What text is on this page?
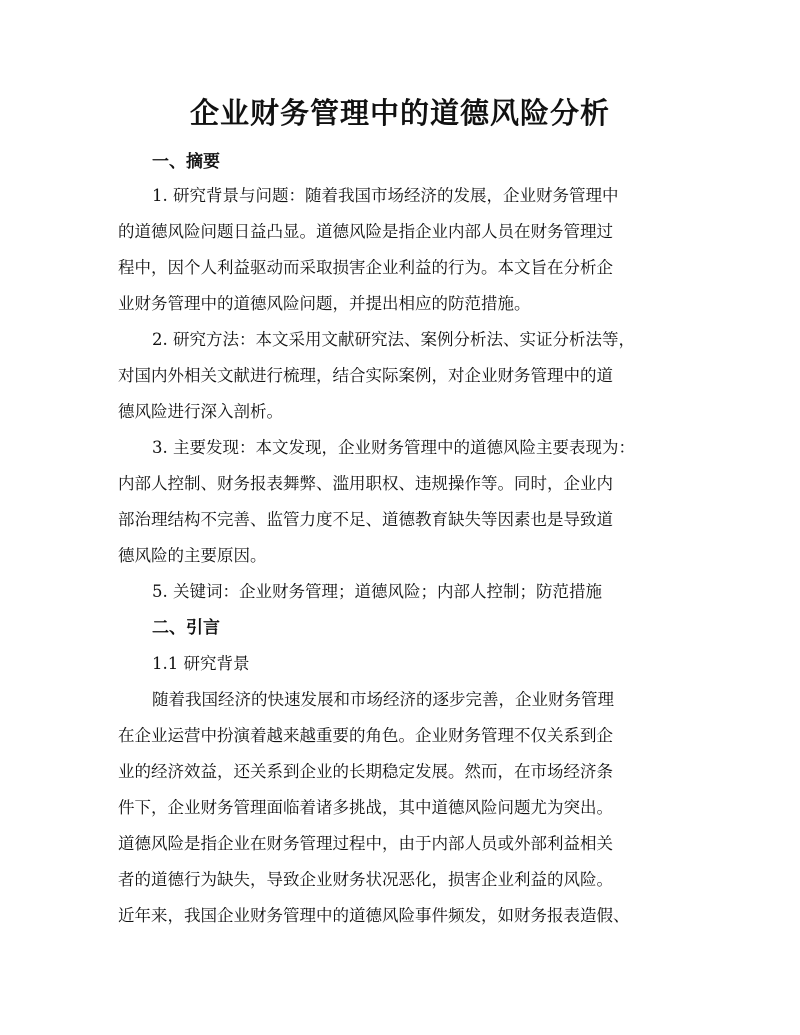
企业财务管理中的道德风险分析
一、摘要
1. 研究背景与问题：随着我国市场经济的发展，企业财务管理中
的道德风险问题日益凸显。道德风险是指企业内部人员在财务管理过
程中，因个人利益驱动而采取损害企业利益的行为。本文旨在分析企
业财务管理中的道德风险问题，并提出相应的防范措施。
2. 研究方法：本文采用文献研究法、案例分析法、实证分析法等，
对国内外相关文献进行梳理，结合实际案例，对企业财务管理中的道
德风险进行深入剖析。
3. 主要发现：本文发现，企业财务管理中的道德风险主要表现为：
内部人控制、财务报表舞弊、滥用职权、违规操作等。同时，企业内
部治理结构不完善、监管力度不足、道德教育缺失等因素也是导致道
德风险的主要原因。
5. 关键词：企业财务管理；道德风险；内部人控制；防范措施
二、引言
1.1 研究背景
随着我国经济的快速发展和市场经济的逐步完善，企业财务管理
在企业运营中扮演着越来越重要的角色。企业财务管理不仅关系到企
业的经济效益，还关系到企业的长期稳定发展。然而，在市场经济条
件下，企业财务管理面临着诸多挑战，其中道德风险问题尤为突出。
道德风险是指企业在财务管理过程中，由于内部人员或外部利益相关
者的道德行为缺失，导致企业财务状况恶化，损害企业利益的风险。
近年来，我国企业财务管理中的道德风险事件频发，如财务报表造假、
